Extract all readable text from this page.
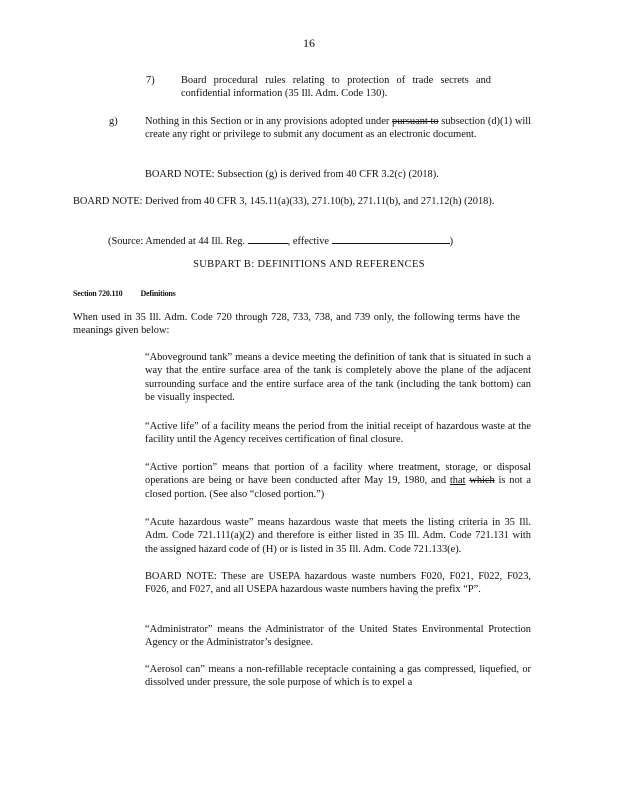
16
7)	Board procedural rules relating to protection of trade secrets and confidential information (35 Ill. Adm. Code 130).

g)	Nothing in this Section or in any provisions adopted under pursuant to subsection (d)(1) will create any right or privilege to submit any document as an electronic document.

BOARD NOTE: Subsection (g) is derived from 40 CFR 3.2(c) (2018).

BOARD NOTE: Derived from 40 CFR 3, 145.11(a)(33), 271.10(b), 271.11(b), and 271.12(h) (2018).

(Source: Amended at 44 Ill. Reg.	, effective	)

SUBPART B: DEFINITIONS AND REFERENCES
Section 720.110 Definitions

When used in 35 Ill. Adm. Code 720 through 728, 733, 738, and 739 only, the following terms have the meanings given below:

“Aboveground tank” means a device meeting the definition of tank that is situated in such a way that the entire surface area of the tank is completely above the plane of the adjacent surrounding surface and the entire surface area of the tank (including the tank bottom) can be visually inspected.

“Active life” of a facility means the period from the initial receipt of hazardous waste at the facility until the Agency receives certification of final closure.

“Active portion” means that portion of a facility where treatment, storage, or disposal operations are being or have been conducted after May 19, 1980, and that which is not a closed portion. (See also “closed portion.”)

“Acute hazardous waste” means hazardous waste that meets the listing criteria in 35 Ill. Adm. Code 721.111(a)(2) and therefore is either listed in 35 Ill. Adm. Code 721.131 with the assigned hazard code of (H) or is listed in 35 Ill. Adm. Code 721.133(e).

BOARD NOTE: These are USEPA hazardous waste numbers F020, F021, F022, F023, F026, and F027, and all USEPA hazardous waste numbers having the prefix “P”.

“Administrator” means the Administrator of the United States Environmental Protection Agency or the Administrator’s designee.

“Aerosol can” means a non-refillable receptacle containing a gas compressed, liquefied, or dissolved under pressure, the sole purpose of which is to expel a
